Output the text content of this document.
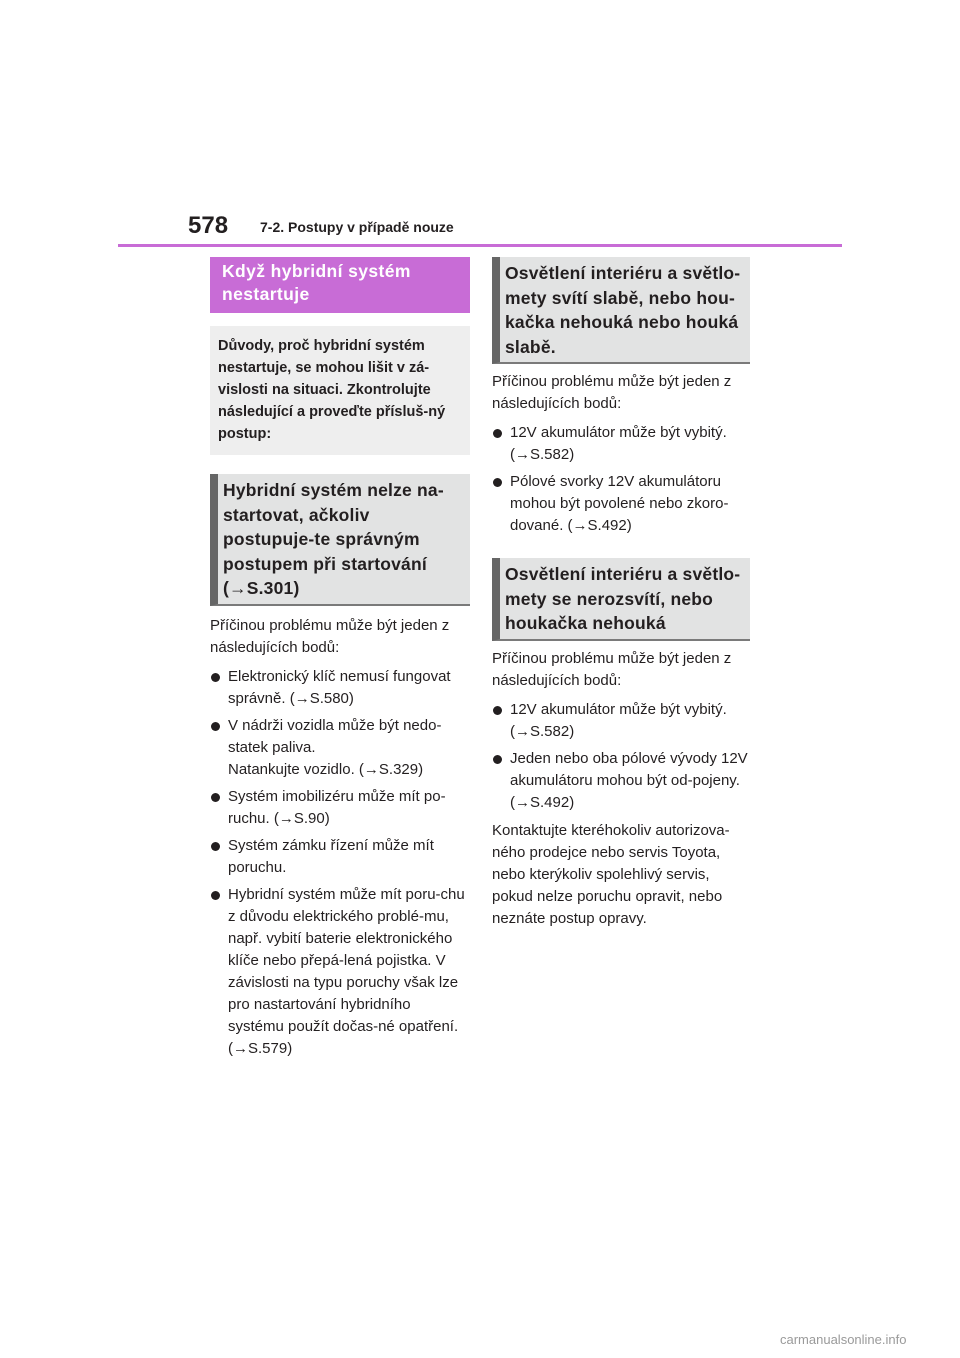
578 7-2. Postupy v případě nouze
Když hybridní systém nestartuje
Důvody, proč hybridní systém nestartuje, se mohou lišit v zá-vislosti na situaci. Zkontrolujte následující a proveďte přísluš-ný postup:
Hybridní systém nelze na-startovat, ačkoliv postupuje-te správným postupem při startování (→S.301)

Příčinou problému může být jeden z následujících bodů:

Elektronický klíč nemusí fungovat správně. (→S.580)
V nádrži vozidla může být nedo-statek paliva.
Natankujte vozidlo. (→S.329)
Systém imobilizéru může mít po-ruchu. (→S.90)
Systém zámku řízení může mít poruchu.
Hybridní systém může mít poru-chu z důvodu elektrického problé-mu, např. vybití baterie elektronického klíče nebo přepá-lená pojistka. V závislosti na typu poruchy však lze pro nastartování hybridního systému použít dočas-né opatření. (→S.579)
Osvětlení interiéru a světlo-mety svítí slabě, nebo hou-kačka nehouká nebo houká slabě.

Příčinou problému může být jeden z následujících bodů:

12V akumulátor může být vybitý. (→S.582)
Pólové svorky 12V akumulátoru mohou být povolené nebo zkoro-dované. (→S.492)
Osvětlení interiéru a světlo-mety se nerozsvítí, nebo houkačka nehouká

Příčinou problému může být jeden z následujících bodů:

12V akumulátor může být vybitý. (→S.582)
Jeden nebo oba pólové vývody 12V akumulátoru mohou být od-pojeny. (→S.492)

Kontaktujte kteréhokoliv autorizova-ného prodejce nebo servis Toyota, nebo kterýkoliv spolehlivý servis, pokud nelze poruchu opravit, nebo neznáte postup opravy.

carmanualsonline.info
